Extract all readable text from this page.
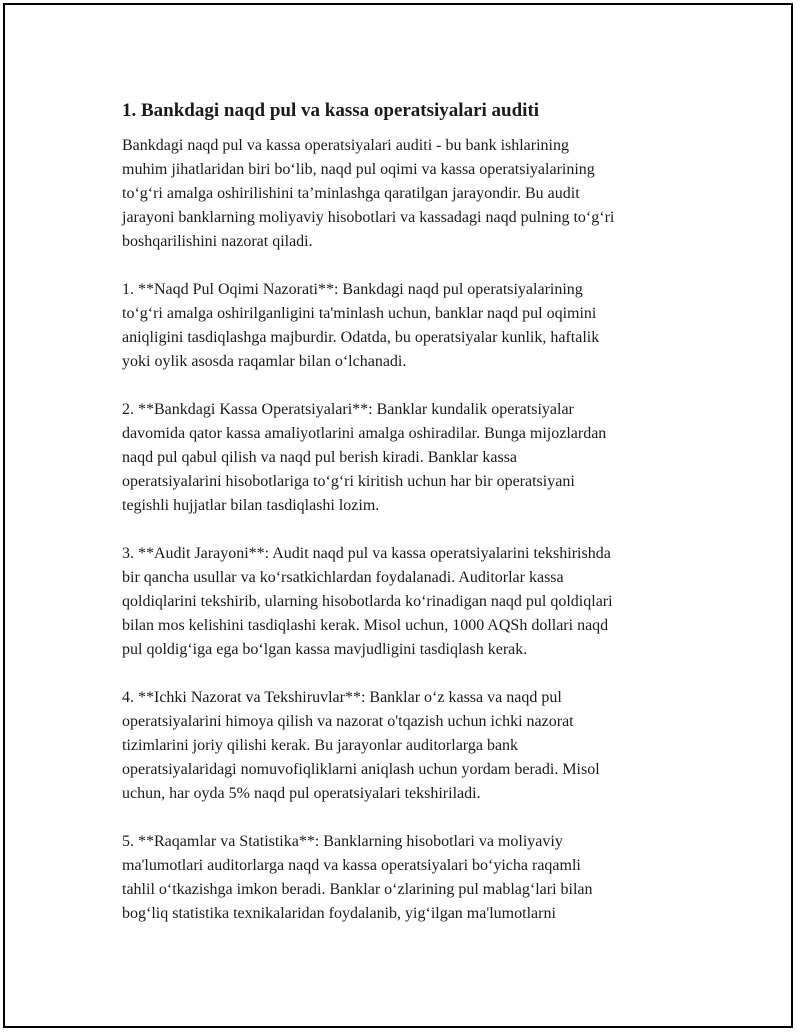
1. Bankdagi naqd pul va kassa operatsiyalari auditi

Bankdagi naqd pul va kassa operatsiyalari auditi - bu bank ishlarining
muhim jihatlaridan biri bo‘lib, naqd pul oqimi va kassa operatsiyalarining
to‘g‘ri amalga oshirilishini ta’minlashga qaratilgan jarayondir. Bu audit
jarayoni banklarning moliyaviy hisobotlari va kassadagi naqd pulning to‘g‘ri
boshqarilishini nazorat qiladi.

1. **Naqd Pul Oqimi Nazorati**: Bankdagi naqd pul operatsiyalarining
to‘g‘ri amalga oshirilganligini ta'minlash uchun, banklar naqd pul oqimini
aniqligini tasdiqlashga majburdir. Odatda, bu operatsiyalar kunlik, haftalik
yoki oylik asosda raqamlar bilan o‘lchanadi.

2. **Bankdagi Kassa Operatsiyalari**: Banklar kundalik operatsiyalar
davomida qator kassa amaliyotlarini amalga oshiradilar. Bunga mijozlardan
naqd pul qabul qilish va naqd pul berish kiradi. Banklar kassa
operatsiyalarini hisobotlariga to‘g‘ri kiritish uchun har bir operatsiyani
tegishli hujjatlar bilan tasdiqlashi lozim.

3. **Audit Jarayoni**: Audit naqd pul va kassa operatsiyalarini tekshirishda
bir qancha usullar va ko‘rsatkichlardan foydalanadi. Auditorlar kassa
qoldiqlarini tekshirib, ularning hisobotlarda ko‘rinadigan naqd pul qoldiqlari
bilan mos kelishini tasdiqlashi kerak. Misol uchun, 1000 AQSh dollari naqd
pul qoldig‘iga ega bo‘lgan kassa mavjudligini tasdiqlash kerak.

4. **Ichki Nazorat va Tekshiruvlar**: Banklar o‘z kassa va naqd pul
operatsiyalarini himoya qilish va nazorat o'tqazish uchun ichki nazorat
tizimlarini joriy qilishi kerak. Bu jarayonlar auditorlarga bank
operatsiyalaridagi nomuvofiqliklarni aniqlash uchun yordam beradi. Misol
uchun, har oyda 5% naqd pul operatsiyalari tekshiriladi.

5. **Raqamlar va Statistika**: Banklarning hisobotlari va moliyaviy
ma'lumotlari auditorlarga naqd va kassa operatsiyalari bo‘yicha raqamli
tahlil o‘tkazishga imkon beradi. Banklar o‘zlarining pul mablag‘lari bilan
bog‘liq statistika texnikalaridan foydalanib, yig‘ilgan ma'lumotlarni
